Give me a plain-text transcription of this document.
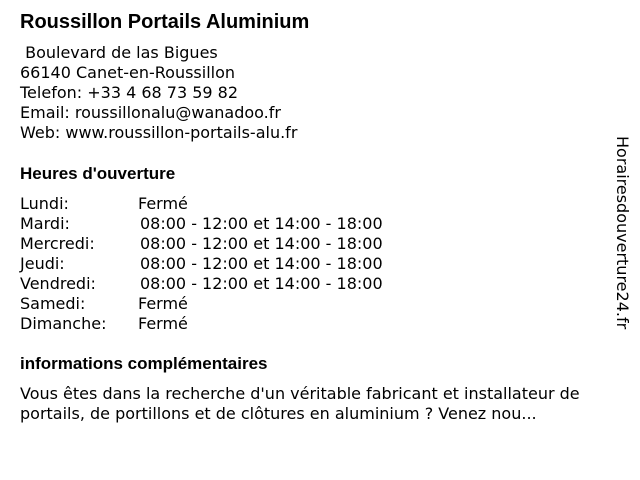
Roussillon Portails Aluminium
Boulevard de las Bigues
66140 Canet-en-Roussillon
Telefon: +33 4 68 73 59 82
Email: roussillonalu@wanadoo.fr
Web: www.roussillon-portails-alu.fr
Heures d'ouverture
Lundi:	Fermé
Mardi:	08:00 - 12:00 et 14:00 - 18:00
Mercredi:	08:00 - 12:00 et 14:00 - 18:00
Jeudi:	08:00 - 12:00 et 14:00 - 18:00
Vendredi:	08:00 - 12:00 et 14:00 - 18:00
Samedi:	Fermé
Dimanche: Fermé
informations complémentaires
Vous êtes dans la recherche d'un véritable fabricant et installateur de portails, de portillons et de clôtures en aluminium ? Venez nou...
Horairesdouverture24.fr
